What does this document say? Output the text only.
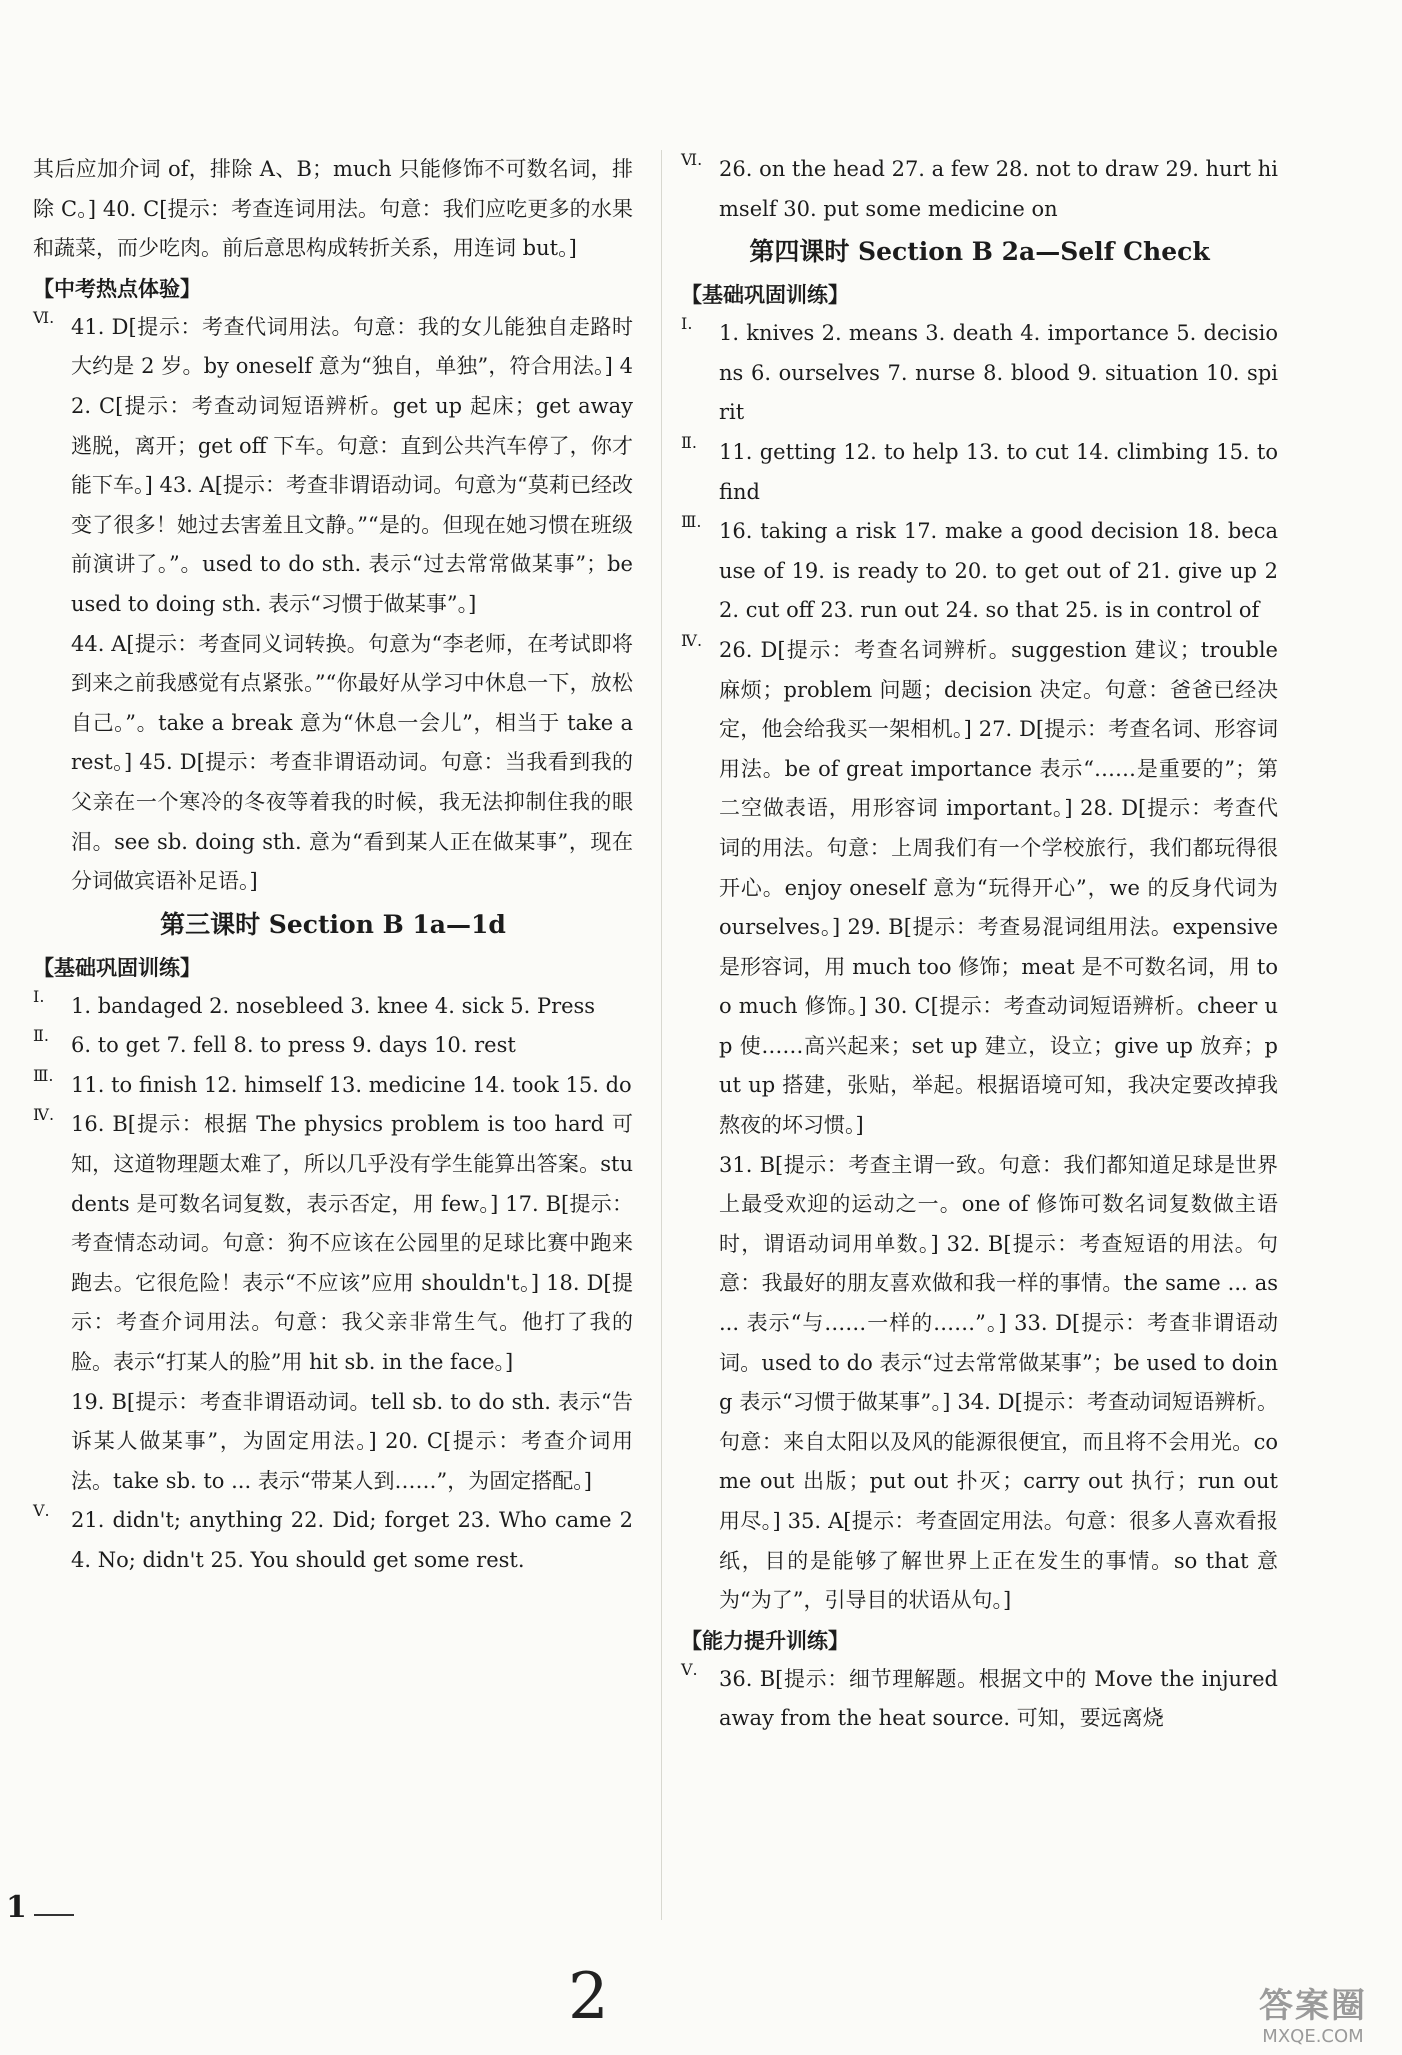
其后应加介词 of，排除 A、B；much 只能修饰不可数名词，排除 C。] 40. C[提示：考查连词用法。句意：我们应吃更多的水果和蔬菜，而少吃肉。前后意思构成转折关系，用连词 but。]

【中考热点体验】

Ⅵ. 41. D[提示：考查代词用法。句意：我的女儿能独自走路时大约是 2 岁。by oneself 意为“独自，单独”，符合用法。] 42. C[提示：考查动词短语辨析。get up 起床；get away 逃脱，离开；get off 下车。句意：直到公共汽车停了，你才能下车。] 43. A[提示：考查非谓语动词。句意为“莫莉已经改变了很多！她过去害羞且文静。”“是的。但现在她习惯在班级前演讲了。”。used to do sth. 表示“过去常常做某事”；be used to doing sth. 表示“习惯于做某事”。]

44. A[提示：考查同义词转换。句意为“李老师，在考试即将到来之前我感觉有点紧张。”“你最好从学习中休息一下，放松自己。”。take a break 意为“休息一会儿”，相当于 take a rest。] 45. D[提示：考查非谓语动词。句意：当我看到我的父亲在一个寒冷的冬夜等着我的时候，我无法抑制住我的眼泪。see sb. doing sth. 意为“看到某人正在做某事”，现在分词做宾语补足语。]

第三课时 Section B 1a—1d

【基础巩固训练】

Ⅰ. 1. bandaged 2. nosebleed 3. knee 4. sick 5. Press

Ⅱ. 6. to get 7. fell 8. to press 9. days 10. rest

Ⅲ. 11. to finish 12. himself 13. medicine 14. took 15. do

Ⅳ. 16. B[提示：根据 The physics problem is too hard 可知，这道物理题太难了，所以几乎没有学生能算出答案。students 是可数名词复数，表示否定，用 few。] 17. B[提示：考查情态动词。句意：狗不应该在公园里的足球比赛中跑来跑去。它很危险！表示“不应该”应用 shouldn't。] 18. D[提示：考查介词用法。句意：我父亲非常生气。他打了我的脸。表示“打某人的脸”用 hit sb. in the face。]

19. B[提示：考查非谓语动词。tell sb. to do sth. 表示“告诉某人做某事”，为固定用法。] 20. C[提示：考查介词用法。take sb. to ... 表示“带某人到……”，为固定搭配。]

Ⅴ. 21. didn't; anything 22. Did; forget 23. Who came 24. No; didn't 25. You should get some rest.

Ⅵ. 26. on the head 27. a few 28. not to draw 29. hurt himself 30. put some medicine on

第四课时 Section B 2a—Self Check

【基础巩固训练】

Ⅰ. 1. knives 2. means 3. death 4. importance 5. decisions 6. ourselves 7. nurse 8. blood 9. situation 10. spirit

Ⅱ. 11. getting 12. to help 13. to cut 14. climbing 15. to find

Ⅲ. 16. taking a risk 17. make a good decision 18. because of 19. is ready to 20. to get out of 21. give up 22. cut off 23. run out 24. so that 25. is in control of

Ⅳ. 26. D[提示：考查名词辨析。suggestion 建议；trouble 麻烦；problem 问题；decision 决定。句意：爸爸已经决定，他会给我买一架相机。] 27. D[提示：考查名词、形容词用法。be of great importance 表示“……是重要的”；第二空做表语，用形容词 important。] 28. D[提示：考查代词的用法。句意：上周我们有一个学校旅行，我们都玩得很开心。enjoy oneself 意为“玩得开心”，we 的反身代词为 ourselves。] 29. B[提示：考查易混词组用法。expensive 是形容词，用 much too 修饰；meat 是不可数名词，用 too much 修饰。] 30. C[提示：考查动词短语辨析。cheer up 使……高兴起来；set up 建立，设立；give up 放弃；put up 搭建，张贴，举起。根据语境可知，我决定要改掉我熬夜的坏习惯。]

31. B[提示：考查主谓一致。句意：我们都知道足球是世界上最受欢迎的运动之一。one of 修饰可数名词复数做主语时，谓语动词用单数。] 32. B[提示：考查短语的用法。句意：我最好的朋友喜欢做和我一样的事情。the same ... as ... 表示“与……一样的……”。] 33. D[提示：考查非谓语动词。used to do 表示“过去常常做某事”；be used to doing 表示“习惯于做某事”。] 34. D[提示：考查动词短语辨析。句意：来自太阳以及风的能源很便宜，而且将不会用光。come out 出版；put out 扑灭；carry out 执行；run out 用尽。] 35. A[提示：考查固定用法。句意：很多人喜欢看报纸，目的是能够了解世界上正在发生的事情。so that 意为“为了”，引导目的状语从句。]

【能力提升训练】

Ⅴ. 36. B[提示：细节理解题。根据文中的 Move the injured away from the heat source. 可知，要远离烧

1
2	答案圈
MXQE.COM
